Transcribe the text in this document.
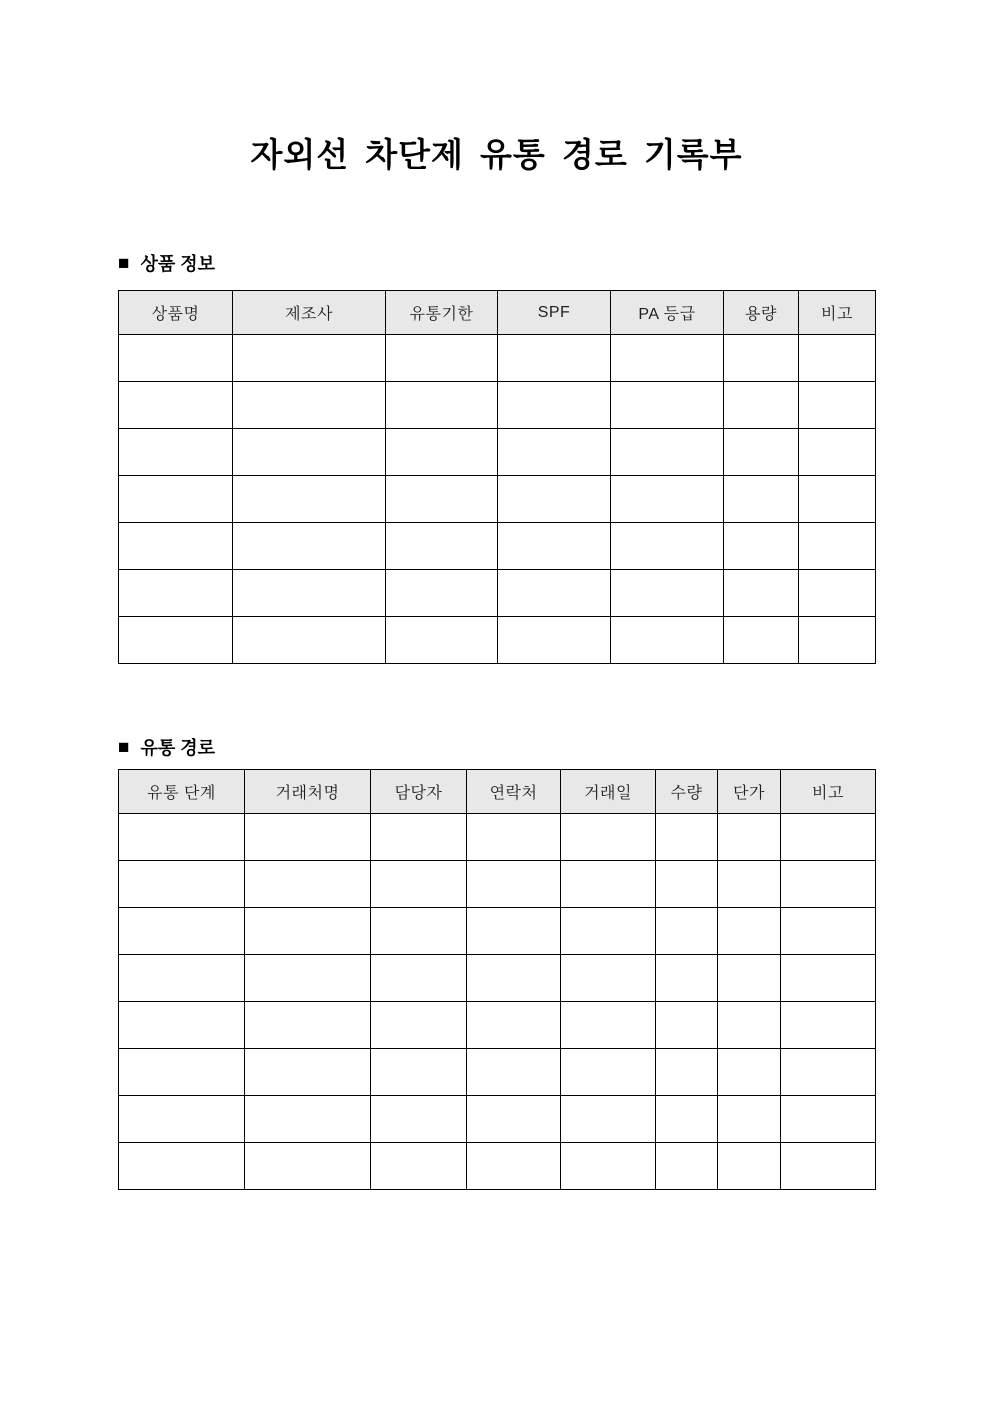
자외선 차단제 유통 경로 기록부
■ 상품 정보
상품명	제조사	유통기한	SPF	PA 등급	용량	비고

■ 유통 경로
유통 단계	거래처명	담당자	연락처	거래일	수량	단가	비고
